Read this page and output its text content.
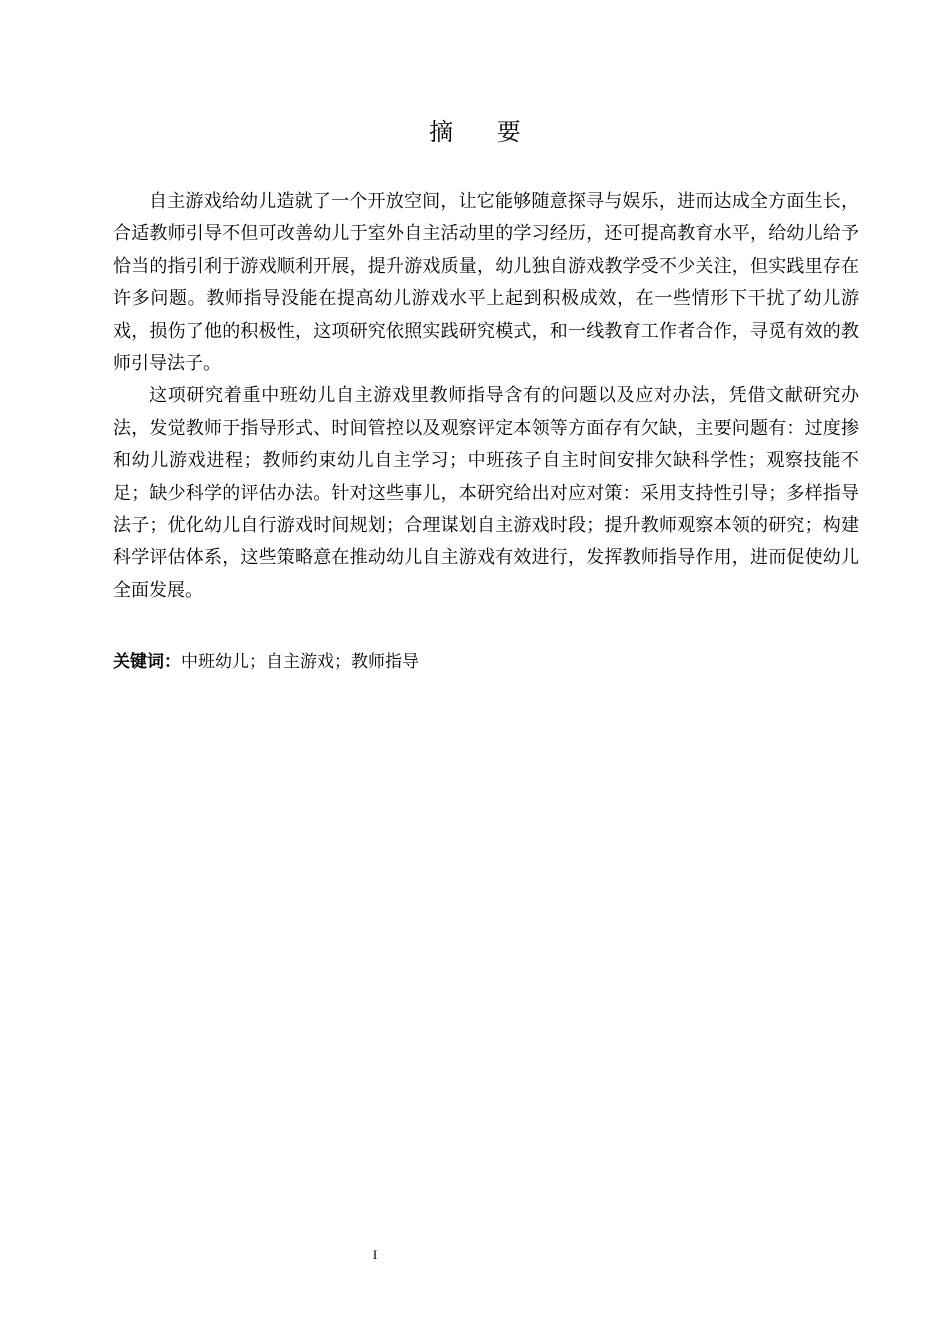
摘 要

自主游戏给幼儿造就了一个开放空间，让它能够随意探寻与娱乐，进而达成全方面生长，合适教师引导不但可改善幼儿于室外自主活动里的学习经历，还可提高教育水平，给幼儿给予恰当的指引利于游戏顺利开展，提升游戏质量，幼儿独自游戏教学受不少关注，但实践里存在许多问题。教师指导没能在提高幼儿游戏水平上起到积极成效，在一些情形下干扰了幼儿游戏，损伤了他的积极性，这项研究依照实践研究模式，和一线教育工作者合作，寻觅有效的教师引导法子。

这项研究着重中班幼儿自主游戏里教师指导含有的问题以及应对办法，凭借文献研究办法，发觉教师于指导形式、时间管控以及观察评定本领等方面存有欠缺，主要问题有：过度掺和幼儿游戏进程；教师约束幼儿自主学习；中班孩子自主时间安排欠缺科学性；观察技能不足；缺少科学的评估办法。针对这些事儿，本研究给出对应对策：采用支持性引导；多样指导法子；优化幼儿自行游戏时间规划；合理谋划自主游戏时段；提升教师观察本领的研究；构建科学评估体系，这些策略意在推动幼儿自主游戏有效进行，发挥教师指导作用，进而促使幼儿全面发展。

关键词：中班幼儿；自主游戏；教师指导
I
